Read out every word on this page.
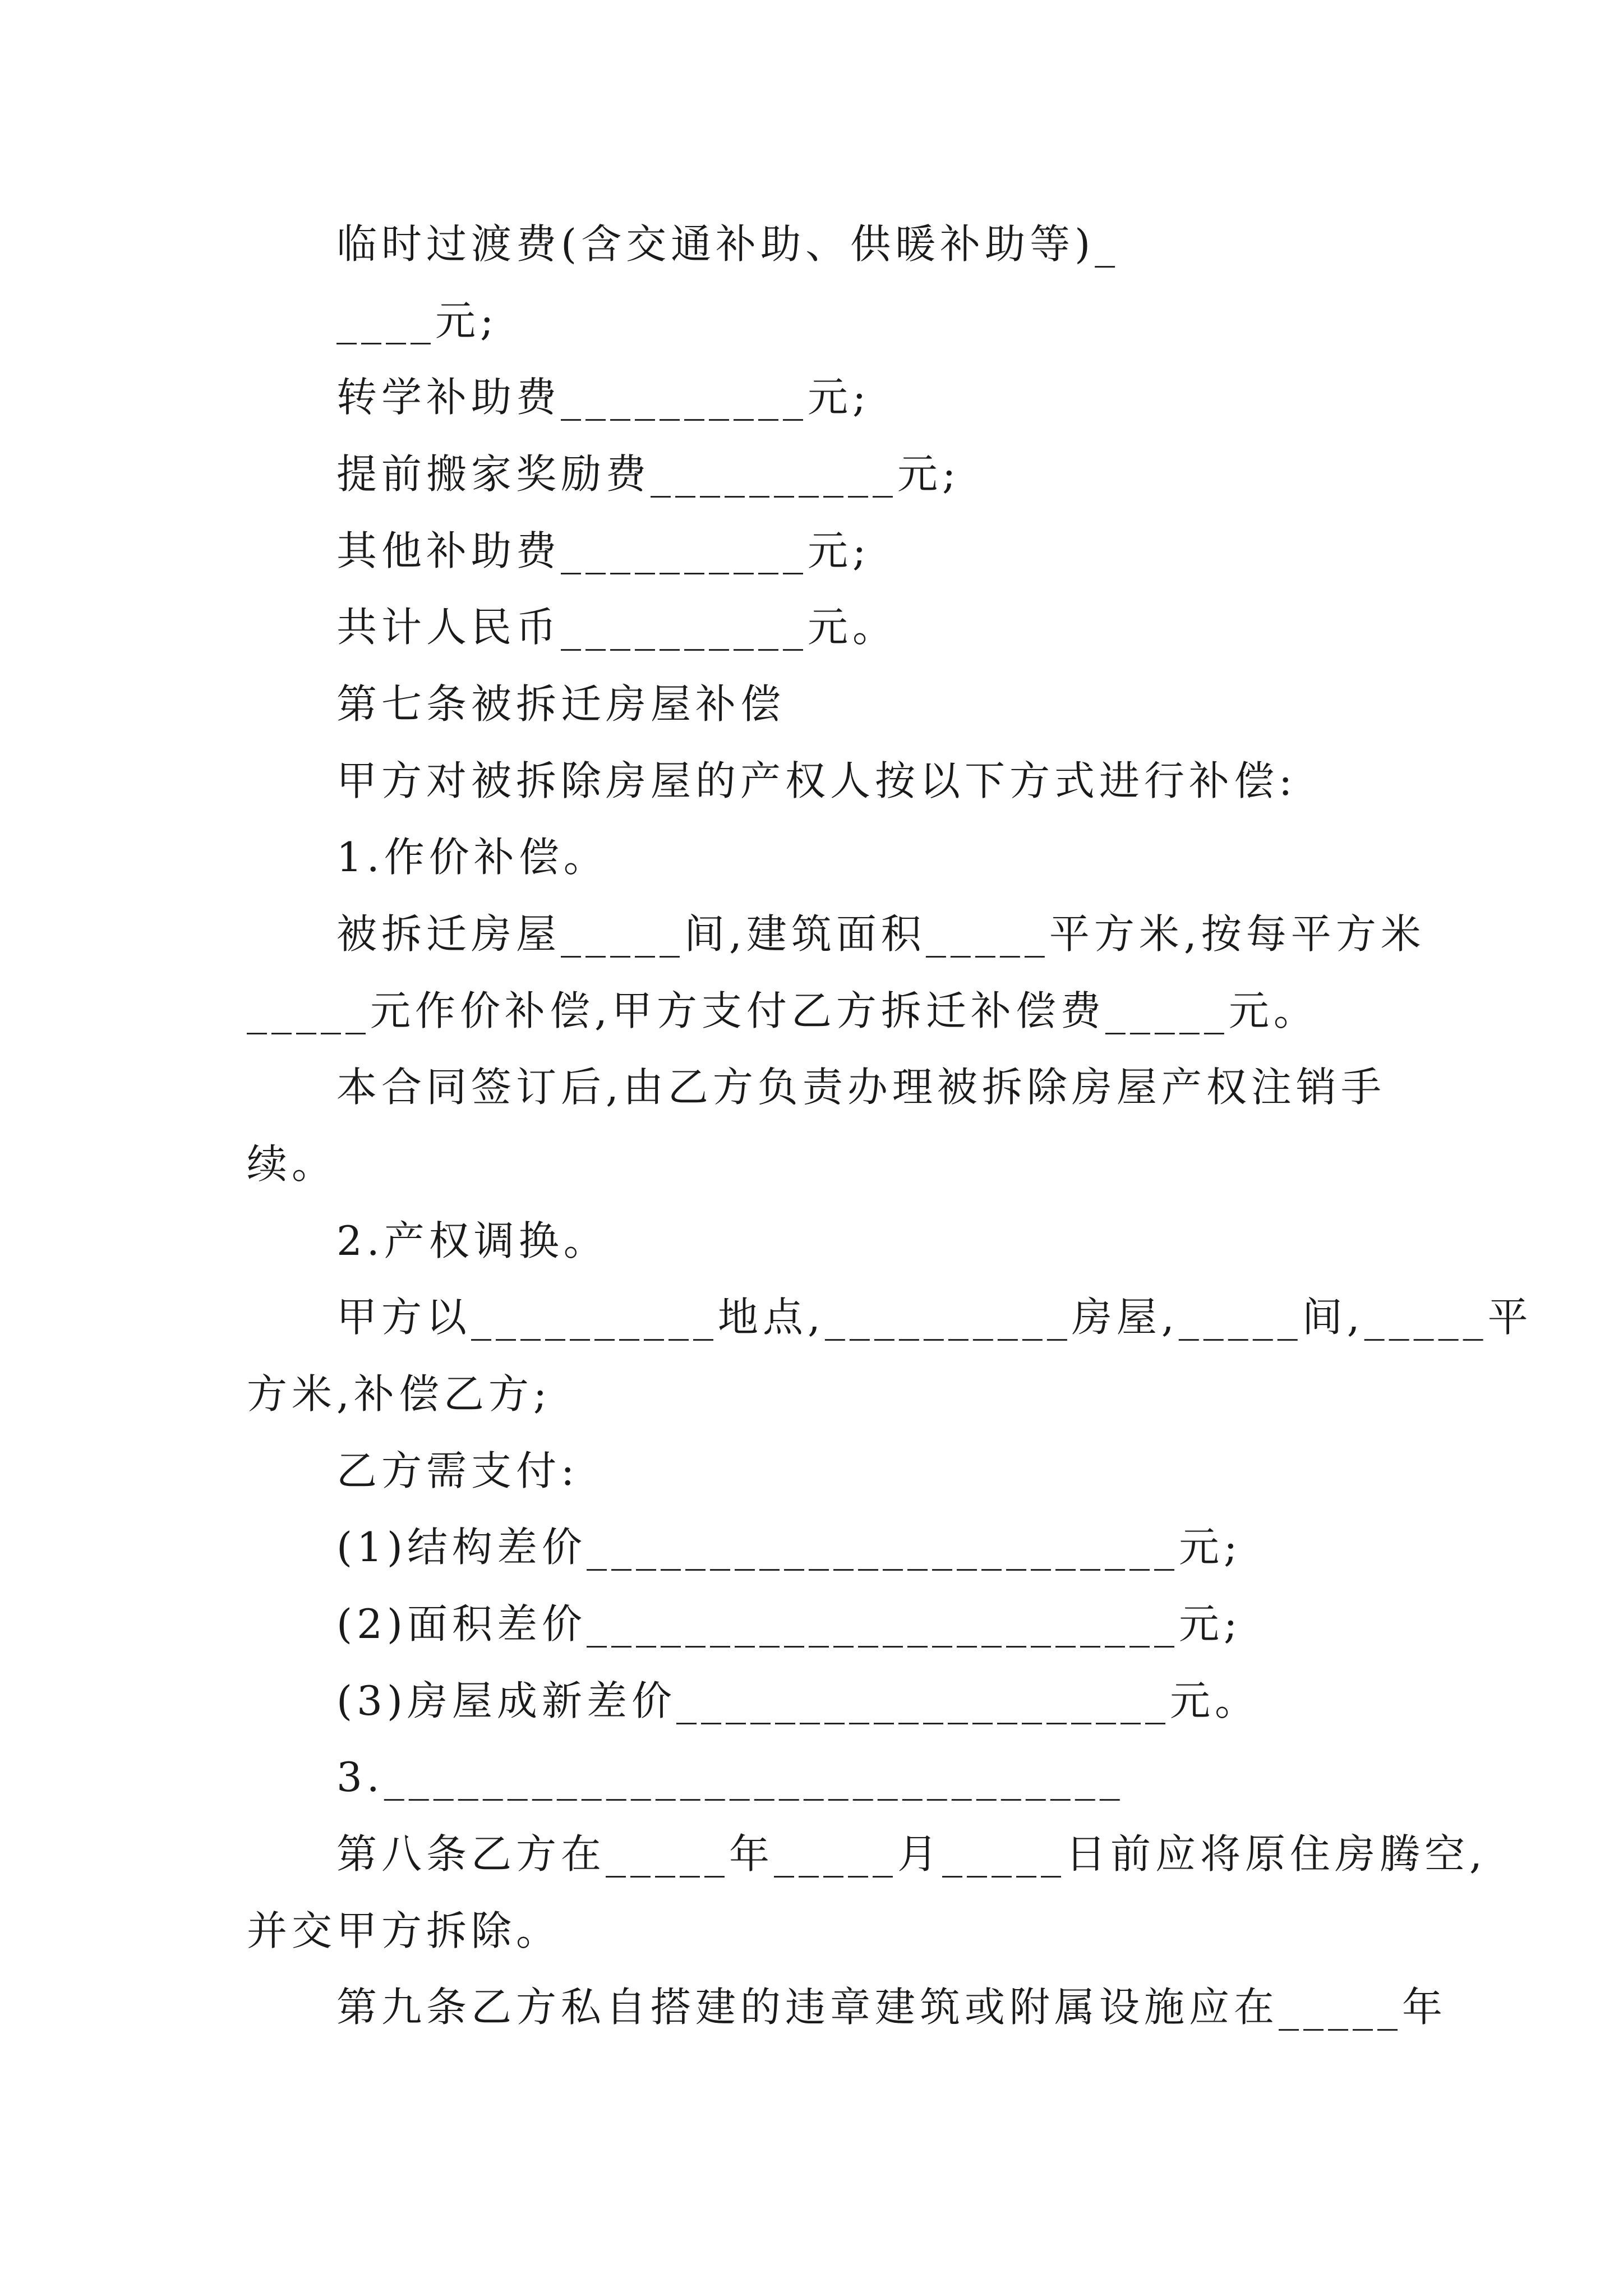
临时过渡费(含交通补助、供暖补助等)_
____元;
转学补助费__________元;
提前搬家奖励费__________元;
其他补助费__________元;
共计人民币__________元。
第七条被拆迁房屋补偿
甲方对被拆除房屋的产权人按以下方式进行补偿:
1.作价补偿。
被拆迁房屋_____间,建筑面积_____平方米,按每平方米
_____元作价补偿,甲方支付乙方拆迁补偿费_____元。
本合同签订后,由乙方负责办理被拆除房屋产权注销手
续。
2.产权调换。
甲方以__________地点,__________房屋,_____间,_____平
方米,补偿乙方;
乙方需支付:
(1)结构差价________________________元;
(2)面积差价________________________元;
(3)房屋成新差价____________________元。
3.______________________________
第八条乙方在_____年_____月_____日前应将原住房腾空,
并交甲方拆除。
第九条乙方私自搭建的违章建筑或附属设施应在_____年
